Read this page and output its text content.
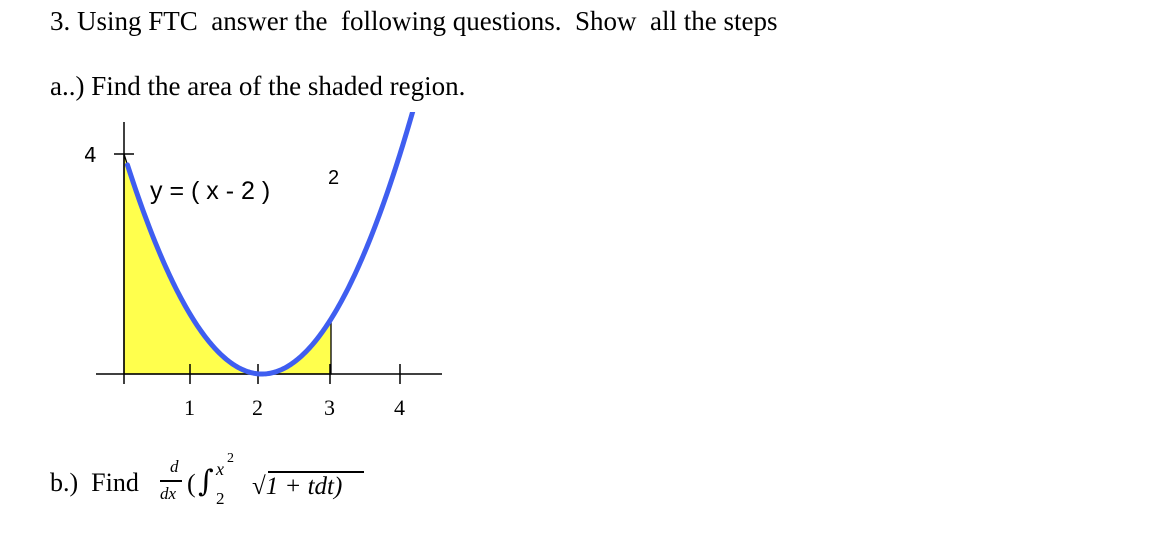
3. Using FTC  answer the  following questions.  Show  all the steps
a..) Find the area of the shaded region.
4
1	2	3	4
y = ( x - 2 )	2
b.)  Find
d
dx ( ∫ x
2
2 √1 + tdt)
